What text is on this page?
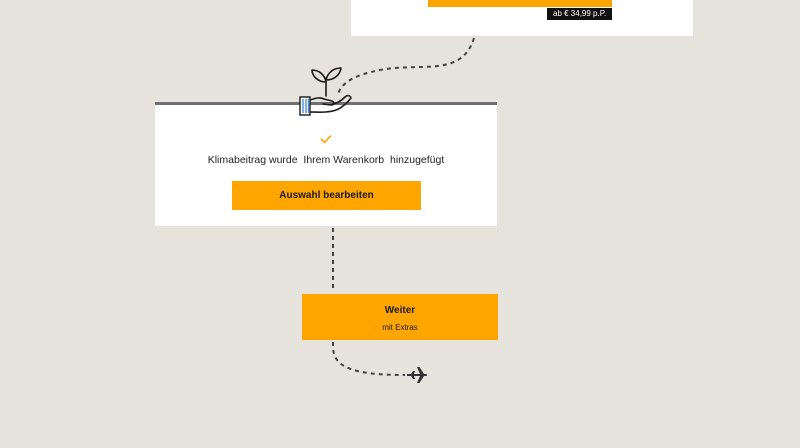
ab € 34,99 p.P.
Klimabeitrag wurde  Ihrem Warenkorb  hinzugefügt
Auswahl bearbeiten
Weiter
mit Extras
